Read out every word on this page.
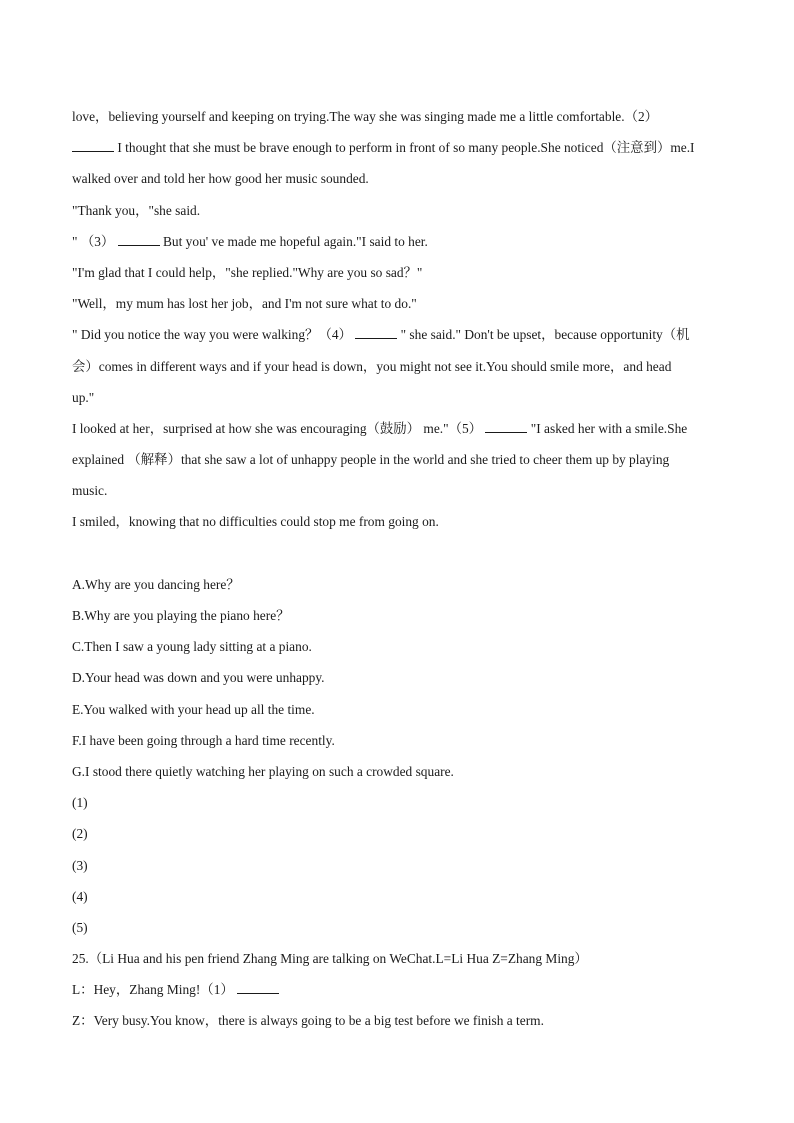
love，believing yourself and keeping on trying.The way she was singing made me a little comfortable.（2）
I thought that she must be brave enough to perform in front of so many people.She noticed（注意到）me.I
walked over and told her how good her music sounded.
"Thank you，"she said.
" （3）	But you' ve made me hopeful again."I said to her.
"I'm glad that I could help，"she replied."Why are you so sad？"
"Well，my mum has lost her job，and I'm not sure what to do."
" Did you notice the way you were walking？（4）	" she said." Don't be upset，because opportunity（机
会）comes in different ways and if your head is down，you might not see it.You should smile more，and head
up."
I looked at her，surprised at how she was encouraging（鼓励） me."（5）	"I asked her with a smile.She
explained （解释）that she saw a lot of unhappy people in the world and she tried to cheer them up by playing
music.
I smiled，knowing that no difficulties could stop me from going on.
A.Why are you dancing here？
B.Why are you playing the piano here？
C.Then I saw a young lady sitting at a piano.
D.Your head was down and you were unhappy.
E.You walked with your head up all the time.
F.I have been going through a hard time recently.
G.I stood there quietly watching her playing on such a crowded square.
(1)
(2)
(3)
(4)
(5)
25.（Li Hua and his pen friend Zhang Ming are talking on WeChat.L=Li Hua Z=Zhang Ming）
L：Hey，Zhang Ming!（1）
Z：Very busy.You know，there is always going to be a big test before we finish a term.
